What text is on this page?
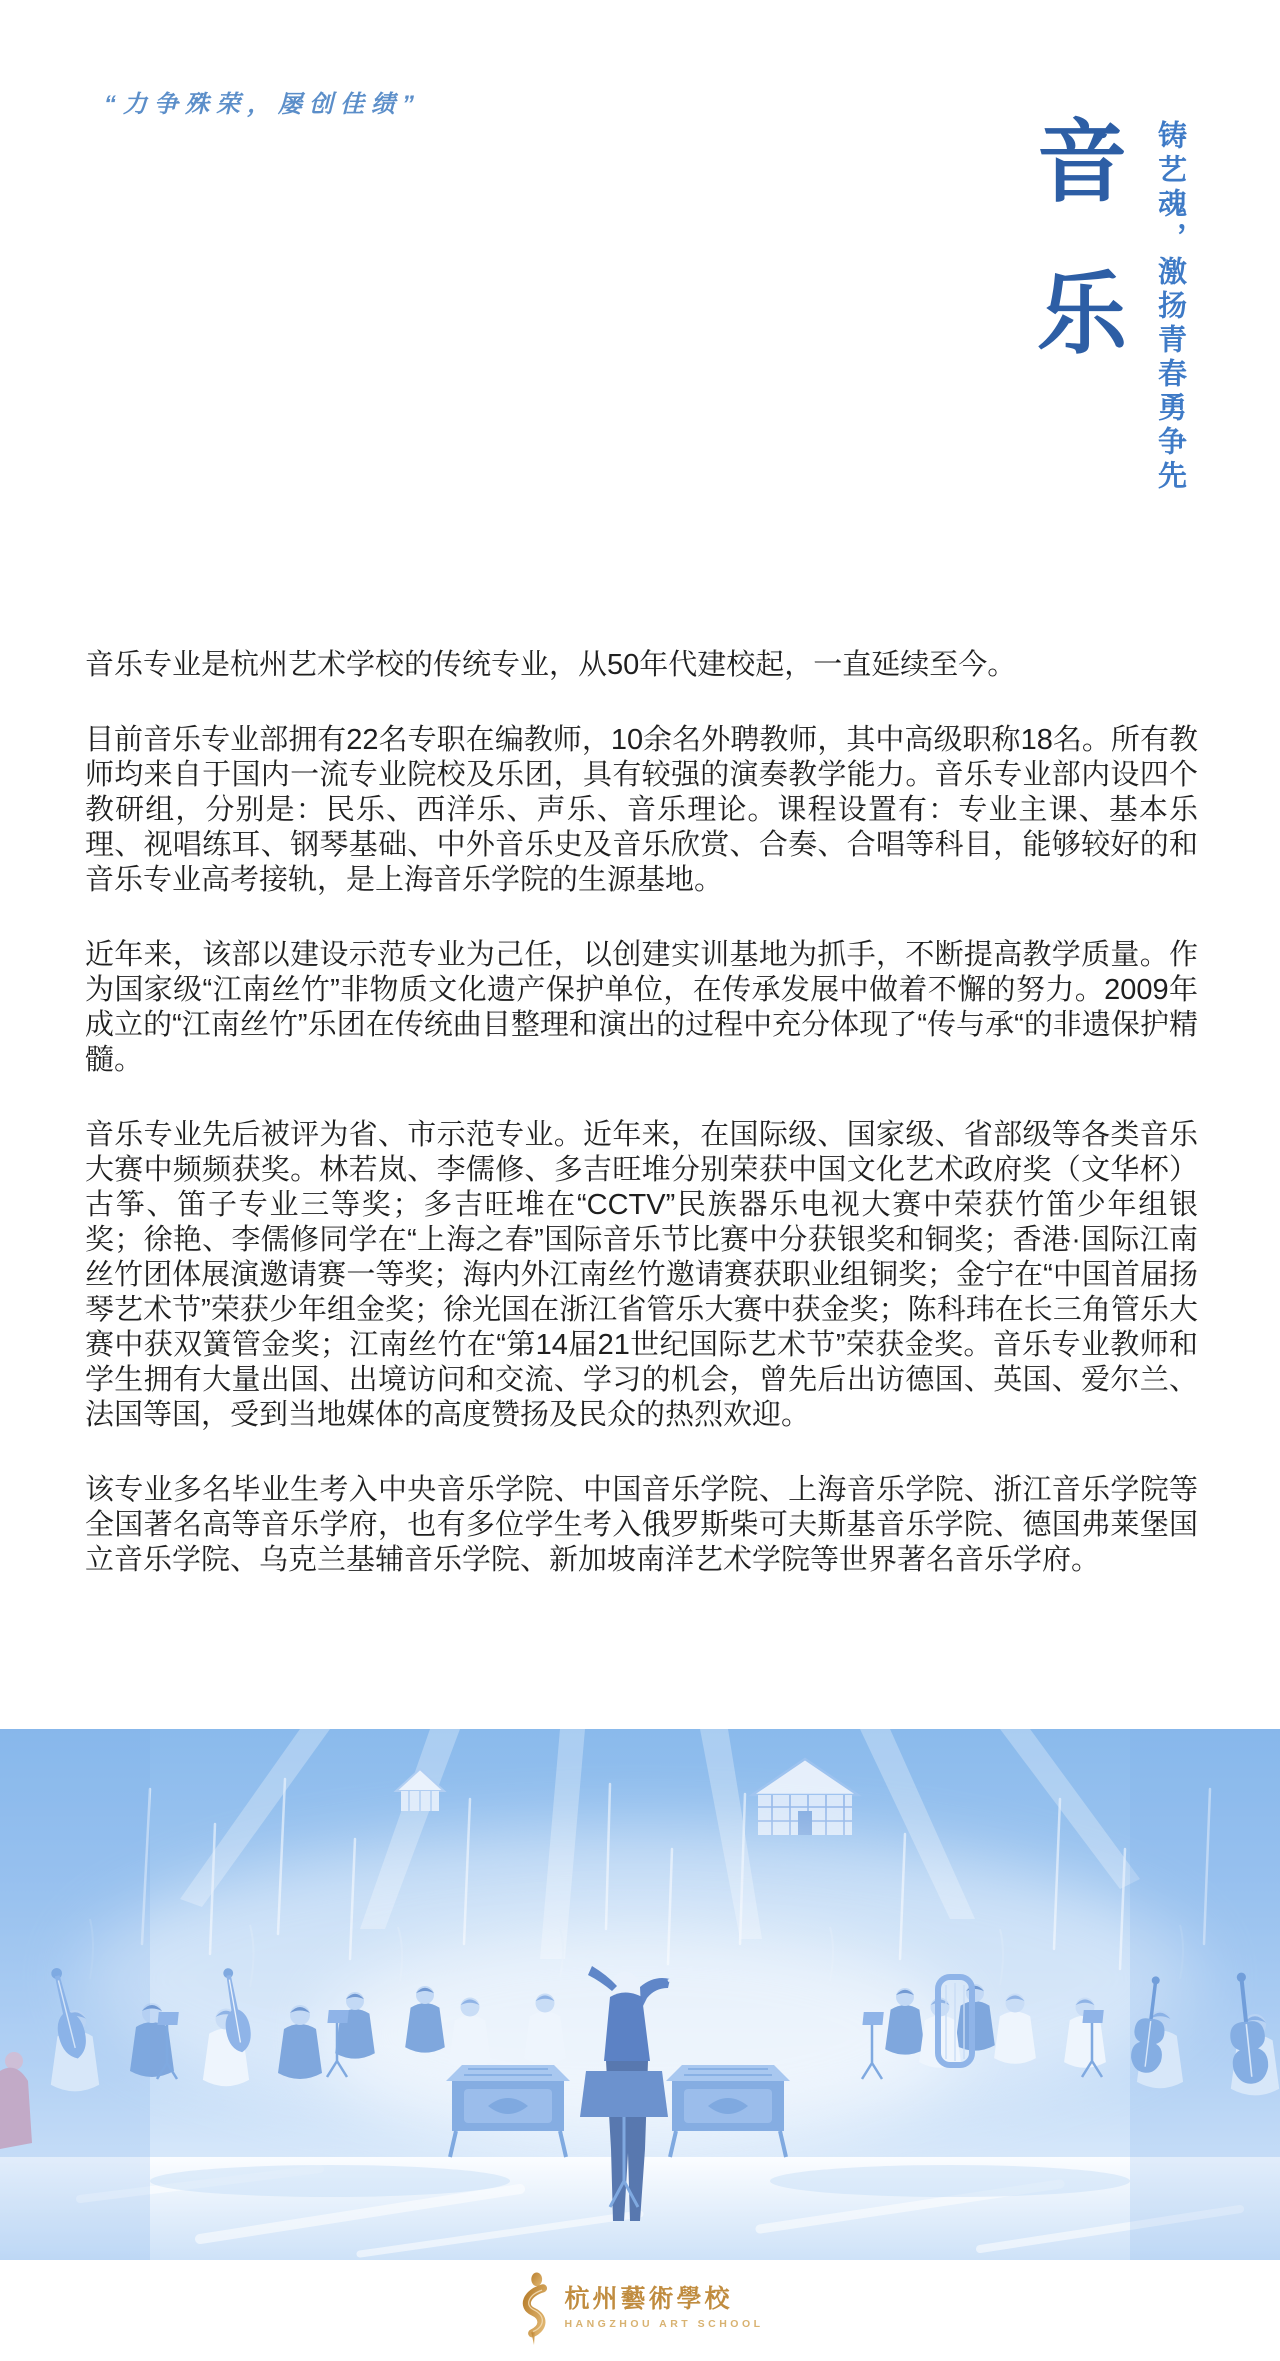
“力争殊荣，屡创佳绩”
音
乐 铸艺魂，激扬青春勇争先

音乐专业是杭州艺术学校的传统专业，从50年代建校起，一直延续至今。

目前音乐专业部拥有22名专职在编教师，10余名外聘教师，其中高级职称18名。所有教师均来自于国内一流专业院校及乐团，具有较强的演奏教学能力。音乐专业部内设四个教研组，分别是：民乐、西洋乐、声乐、音乐理论。课程设置有：专业主课、基本乐理、视唱练耳、钢琴基础、中外音乐史及音乐欣赏、合奏、合唱等科目，能够较好的和音乐专业高考接轨，是上海音乐学院的生源基地。

近年来，该部以建设示范专业为己任，以创建实训基地为抓手，不断提高教学质量。作为国家级“江南丝竹”非物质文化遗产保护单位，在传承发展中做着不懈的努力。2009年成立的“江南丝竹”乐团在传统曲目整理和演出的过程中充分体现了“传与承“的非遗保护精髓。

音乐专业先后被评为省、市示范专业。近年来，在国际级、国家级、省部级等各类音乐大赛中频频获奖。林若岚、李儒修、多吉旺堆分别荣获中国文化艺术政府奖（文华杯）古筝、笛子专业三等奖；多吉旺堆在“CCTV”民族器乐电视大赛中荣获竹笛少年组银奖；徐艳、李儒修同学在“上海之春”国际音乐节比赛中分获银奖和铜奖；香港·国际江南丝竹团体展演邀请赛一等奖；海内外江南丝竹邀请赛获职业组铜奖；金宁在“中国首届扬琴艺术节”荣获少年组金奖；徐光国在浙江省管乐大赛中获金奖；陈科玮在长三角管乐大赛中获双簧管金奖；江南丝竹在“第14届21世纪国际艺术节”荣获金奖。音乐专业教师和学生拥有大量出国、出境访问和交流、学习的机会，曾先后出访德国、英国、爱尔兰、法国等国，受到当地媒体的高度赞扬及民众的热烈欢迎。

该专业多名毕业生考入中央音乐学院、中国音乐学院、上海音乐学院、浙江音乐学院等全国著名高等音乐学府，也有多位学生考入俄罗斯柴可夫斯基音乐学院、德国弗莱堡国立音乐学院、乌克兰基辅音乐学院、新加坡南洋艺术学院等世界著名音乐学府。

杭州藝術學校
HANGZHOU ART SCHOOL
